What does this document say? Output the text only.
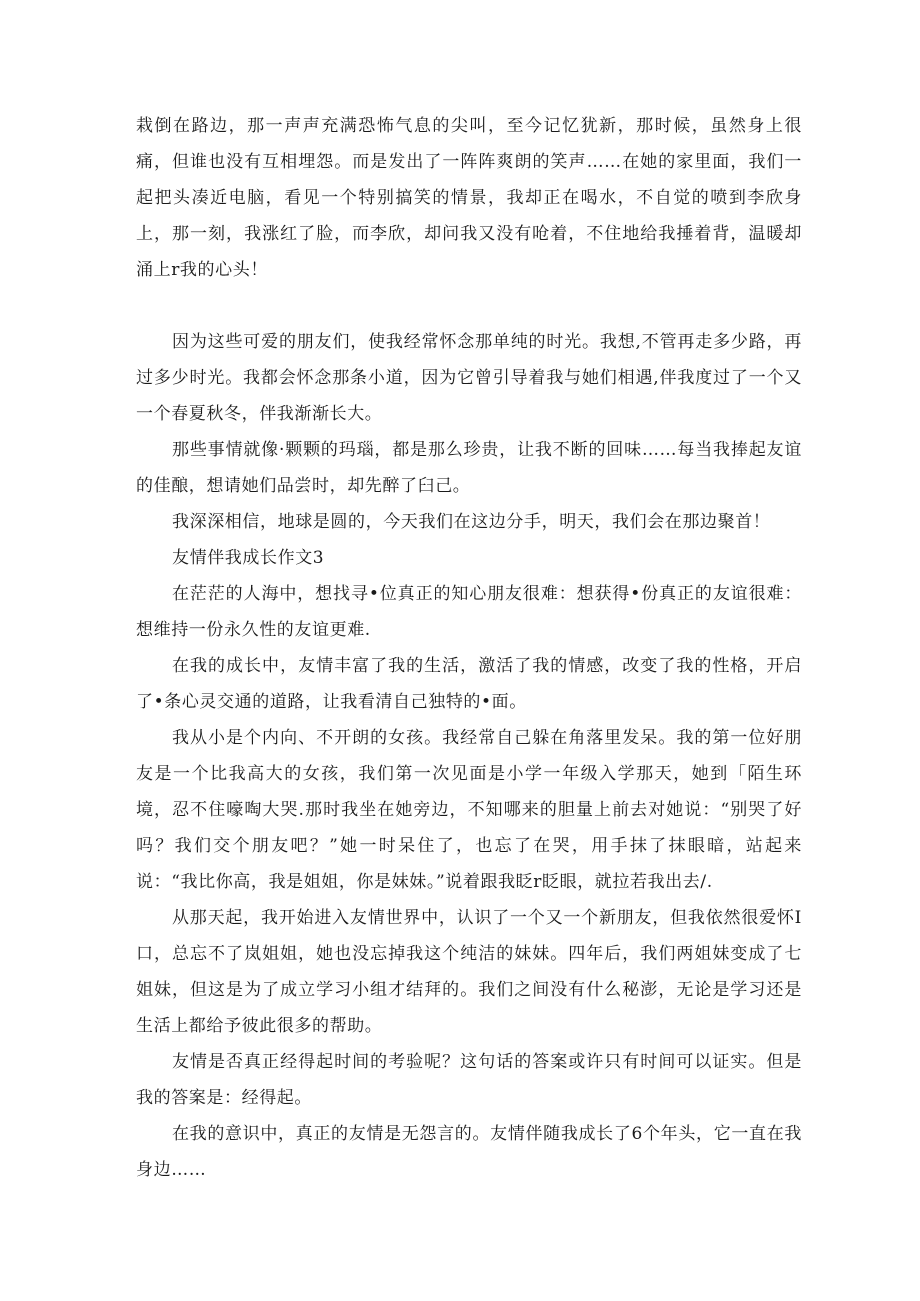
栽倒在路边，那一声声充满恐怖气息的尖叫，至今记忆犹新，那时候，虽然身上很痛，但谁也没有互相埋怨。而是发出了一阵阵爽朗的笑声……在她的家里面，我们一起把头凑近电脑，看见一个特别搞笑的情景，我却正在喝水，不自觉的喷到李欣身上，那一刻，我涨红了脸，而李欣，却问我又没有呛着，不住地给我捶着背，温暖却涌上r我的心头！

因为这些可爱的朋友们，使我经常怀念那单纯的时光。我想,不管再走多少路，再过多少时光。我都会怀念那条小道，因为它曾引导着我与她们相遇,伴我度过了一个又一个春夏秋冬，伴我渐渐长大。

那些事情就像·颗颗的玛瑙，都是那么珍贵，让我不断的回味……每当我捧起友谊的佳酿，想请她们品尝时，却先醉了臼己。

我深深相信，地球是圆的，今天我们在这边分手，明天，我们会在那边聚首！

友情伴我成长作文3

在茫茫的人海中，想找寻•位真正的知心朋友很难：想获得•份真正的友谊很难：想维持一份永久性的友谊更难.

在我的成长中，友情丰富了我的生活，激活了我的情感，改变了我的性格，开启了•条心灵交通的道路，让我看清自己独特的•面。

我从小是个内向、不开朗的女孩。我经常自己躲在角落里发呆。我的第一位好朋友是一个比我高大的女孩，我们第一次见面是小学一年级入学那天，她到「陌生环境，忍不住嚎啕大哭.那时我坐在她旁边，不知哪来的胆量上前去对她说：“别哭了好吗？我们交个朋友吧？”她一时呆住了，也忘了在哭，用手抹了抹眼暗，站起来说：“我比你高，我是姐姐，你是妹妹。”说着跟我眨r眨眼，就拉若我出去/.

从那天起，我开始进入友情世界中，认识了一个又一个新朋友，但我依然很爱怀I口，总忘不了岚姐姐，她也没忘掉我这个纯洁的妹妹。四年后，我们两姐妹变成了七姐妹，但这是为了成立学习小组才结拜的。我们之间没有什么秘澎，无论是学习还是生活上都给予彼此很多的帮助。

友情是否真正经得起时间的考验呢？这句话的答案或许只有时间可以证实。但是我的答案是：经得起。

在我的意识中，真正的友情是无怨言的。友情伴随我成长了6个年头，它一直在我身边……
